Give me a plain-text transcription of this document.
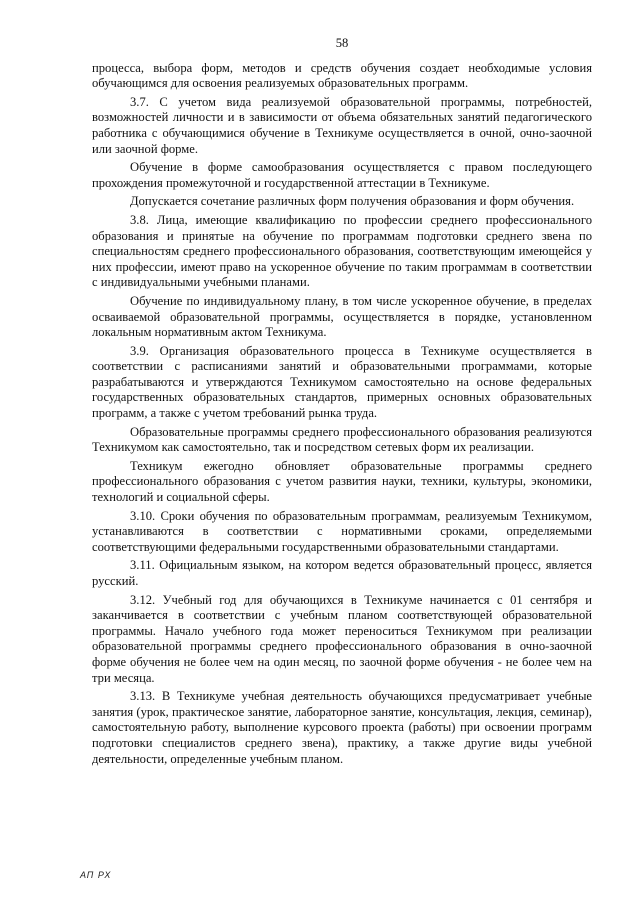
58

процесса, выбора форм, методов и средств обучения создает необходимые условия обучающимся для освоения реализуемых образовательных программ.

3.7. С учетом вида реализуемой образовательной программы, потребностей, возможностей личности и в зависимости от объема обязательных занятий педагогического работника с обучающимися обучение в Техникуме осуществляется в очной, очно-заочной или заочной форме.

Обучение в форме самообразования осуществляется с правом последующего прохождения промежуточной и государственной аттестации в Техникуме.

Допускается сочетание различных форм получения образования и форм обучения.

3.8. Лица, имеющие квалификацию по профессии среднего профессионального образования и принятые на обучение по программам подготовки среднего звена по специальностям среднего профессионального образования, соответствующим имеющейся у них профессии, имеют право на ускоренное обучение по таким программам в соответствии с индивидуальными учебными планами.

Обучение по индивидуальному плану, в том числе ускоренное обучение, в пределах осваиваемой образовательной программы, осуществляется в порядке, установленном локальным нормативным актом Техникума.

3.9. Организация образовательного процесса в Техникуме осуществляется в соответствии с расписаниями занятий и образовательными программами, которые разрабатываются и утверждаются Техникумом самостоятельно на основе федеральных государственных образовательных стандартов, примерных основных образовательных программ, а также с учетом требований рынка труда.

Образовательные программы среднего профессионального образования реализуются Техникумом как самостоятельно, так и посредством сетевых форм их реализации.

Техникум ежегодно обновляет образовательные программы среднего профессионального образования с учетом развития науки, техники, культуры, экономики, технологий и социальной сферы.

3.10. Сроки обучения по образовательным программам, реализуемым Техникумом, устанавливаются в соответствии с нормативными сроками, определяемыми соответствующими федеральными государственными образовательными стандартами.

3.11. Официальным языком, на котором ведется образовательный процесс, является русский.

3.12. Учебный год для обучающихся в Техникуме начинается с 01 сентября и заканчивается в соответствии с учебным планом соответствующей образовательной программы. Начало учебного года может переноситься Техникумом при реализации образовательной программы среднего профессионального образования в очно-заочной форме обучения не более чем на один месяц, по заочной форме обучения - не более чем на три месяца.

3.13. В Техникуме учебная деятельность обучающихся предусматривает учебные занятия (урок, практическое занятие, лабораторное занятие, консультация, лекция, семинар), самостоятельную работу, выполнение курсового проекта (работы) при освоении программ подготовки специалистов среднего звена), практику, а также другие виды учебной деятельности, определенные учебным планом.

АП РХ
